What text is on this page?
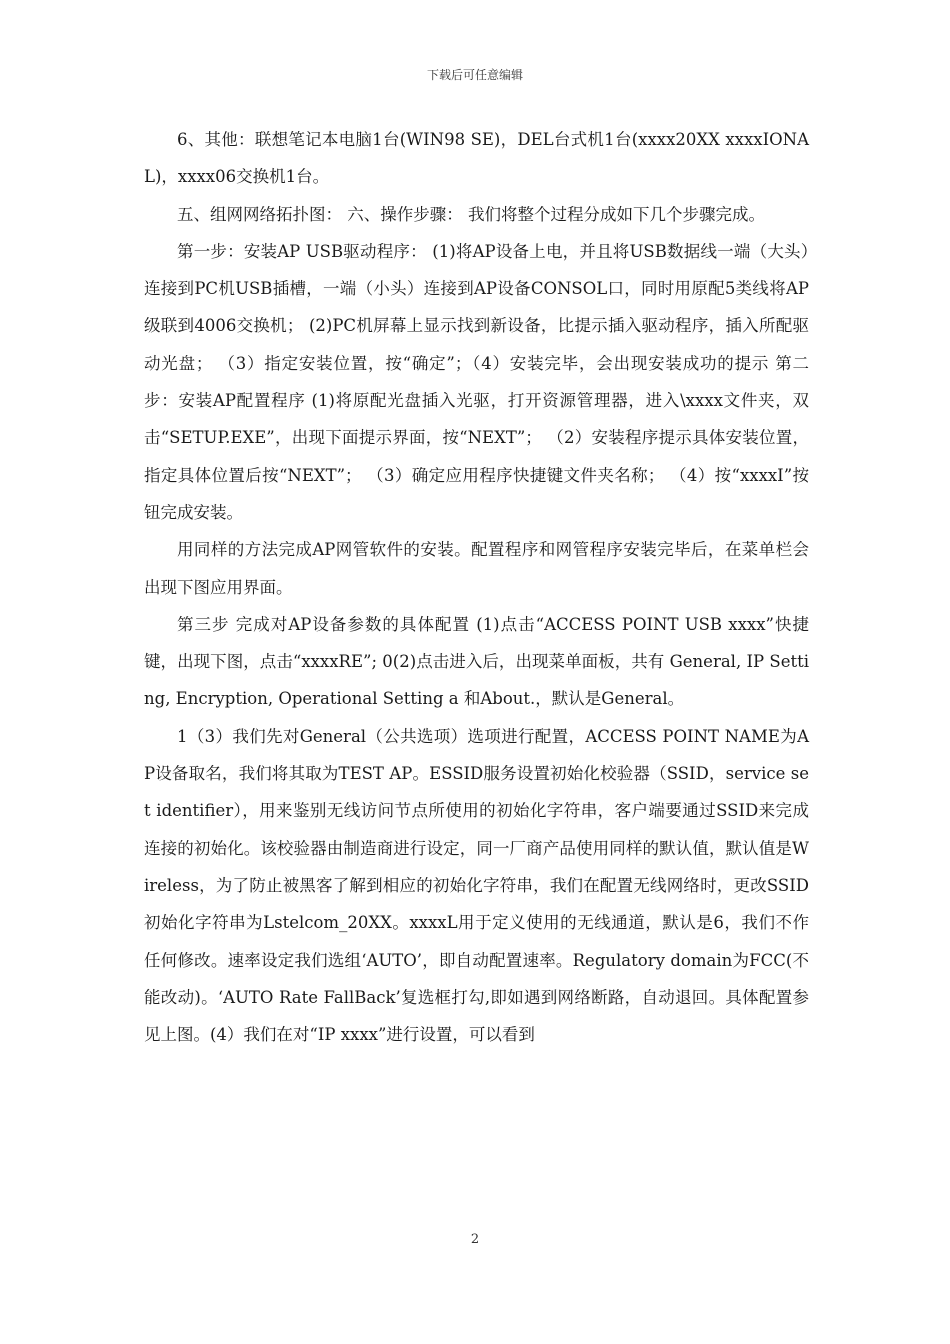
下载后可任意编辑

6、其他：联想笔记本电脑1台(WIN98 SE)，DEL台式机1台(xxxx20XX xxxxIONAL)，xxxx06交换机1台。

五、组网网络拓扑图： 六、操作步骤： 我们将整个过程分成如下几个步骤完成。

第一步：安装AP USB驱动程序： (1)将AP设备上电，并且将USB数据线一端（大头）连接到PC机USB插槽，一端（小头）连接到AP设备CONSOL口，同时用原配5类线将AP级联到4006交换机； (2)PC机屏幕上显示找到新设备，比提示插入驱动程序，插入所配驱动光盘； （3）指定安装位置，按“确定”；（4）安装完毕，会出现安装成功的提示 第二步：安装AP配置程序 (1)将原配光盘插入光驱，打开资源管理器，进入\xxxx文件夹，双击“SETUP.EXE”，出现下面提示界面，按“NEXT”； （2）安装程序提示具体安装位置，指定具体位置后按“NEXT”； （3）确定应用程序快捷键文件夹名称； （4）按“xxxxI”按钮完成安装。

用同样的方法完成AP网管软件的安装。配置程序和网管程序安装完毕后，在菜单栏会出现下图应用界面。

第三步 完成对AP设备参数的具体配置 (1)点击“ACCESS POINT USB xxxx”快捷键，出现下图，点击“xxxxRE”; 0(2)点击进入后，出现菜单面板，共有 General, IP Setting, Encryption, Operational Setting a 和About.，默认是General。

1（3）我们先对General（公共选项）选项进行配置，ACCESS POINT NAME为AP设备取名，我们将其取为TEST AP。ESSID服务设置初始化校验器（SSID，service set identifier），用来鉴别无线访问节点所使用的初始化字符串，客户端要通过SSID来完成连接的初始化。该校验器由制造商进行设定，同一厂商产品使用同样的默认值，默认值是Wireless，为了防止被黑客了解到相应的初始化字符串，我们在配置无线网络时，更改SSID初始化字符串为Lstelcom_20XX。xxxxL用于定义使用的无线通道，默认是6，我们不作任何修改。速率设定我们选组‘AUTO’，即自动配置速率。Regulatory domain为FCC(不能改动)。‘AUTO Rate FallBack’复选框打勾,即如遇到网络断路，自动退回。具体配置参见上图。(4）我们在对“IP xxxx”进行设置，可以看到

2
